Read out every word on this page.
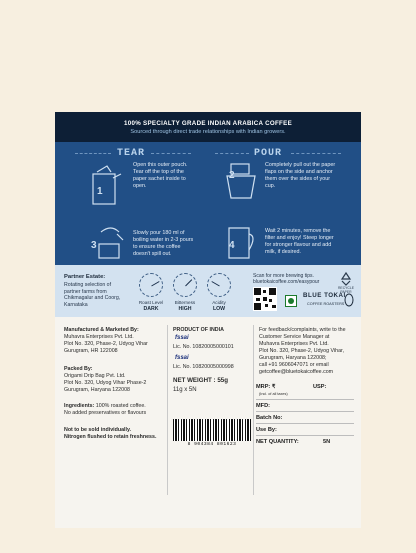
100% SPECIALTY GRADE INDIAN ARABICA COFFEE
Sourced through direct trade relationships with Indian growers.
TEAR	POUR
1
Open this outer pouch. Tear off the top of the paper sachet inside to open.
2
Completely pull out the paper flaps on the side and anchor them over the sides of your cup.
3
Slowly pour 180 ml of boiling water in 2-3 pours to ensure the coffee doesn't spill out.
4
Wait 2 minutes, remove the filter and enjoy! Steep longer for stronger flavour and add milk, if desired.
Partner Estate:
Rotating selection of partner farms from Chikmagalur and Coorg, Karnataka	Roast Level
DARK
Bitterness
HIGH
Acidity
LOW
Scan for more brewing tips.
bluetokaicoffee.com/easypour
BLUE TOKAI
COFFEE ROASTERS
RECYCLE PAPER
Manufactured & Marketed By:
Muhavra Enterprises Pvt. Ltd.
Plot No. 320, Phase-2, Udyog Vihar
Gurugram, HR 122008
Packed By:
Origami Drip Bag Pvt. Ltd.
Plot No. 320, Udyog Vihar Phase-2
Gurugram, Haryana 122008
Ingredients: 100% roasted coffee.
No added preservatives or flavours
Not to be sold individually.
Nitrogen flushed to retain freshness.
PRODUCT OF INDIA
fssai
Lic. No. 10820005000101
fssai
Lic. No. 10820005000998
NET WEIGHT : 55g
11g x 5N
8 904384 801623
For feedback/complaints, write to the
Customer Service Manager at
Muhavra Enterprises Pvt. Ltd.
Plot No. 320, Phase-2, Udyog Vihar,
Gurugram, Haryana 122008;
call +91 9606047071 or email
getcoffee@bluetokaicoffee.com
MRP: ₹	USP:
(Incl. of all taxes)
MFD:
Batch No:
Use By:
NET QUANTITY:	5N
